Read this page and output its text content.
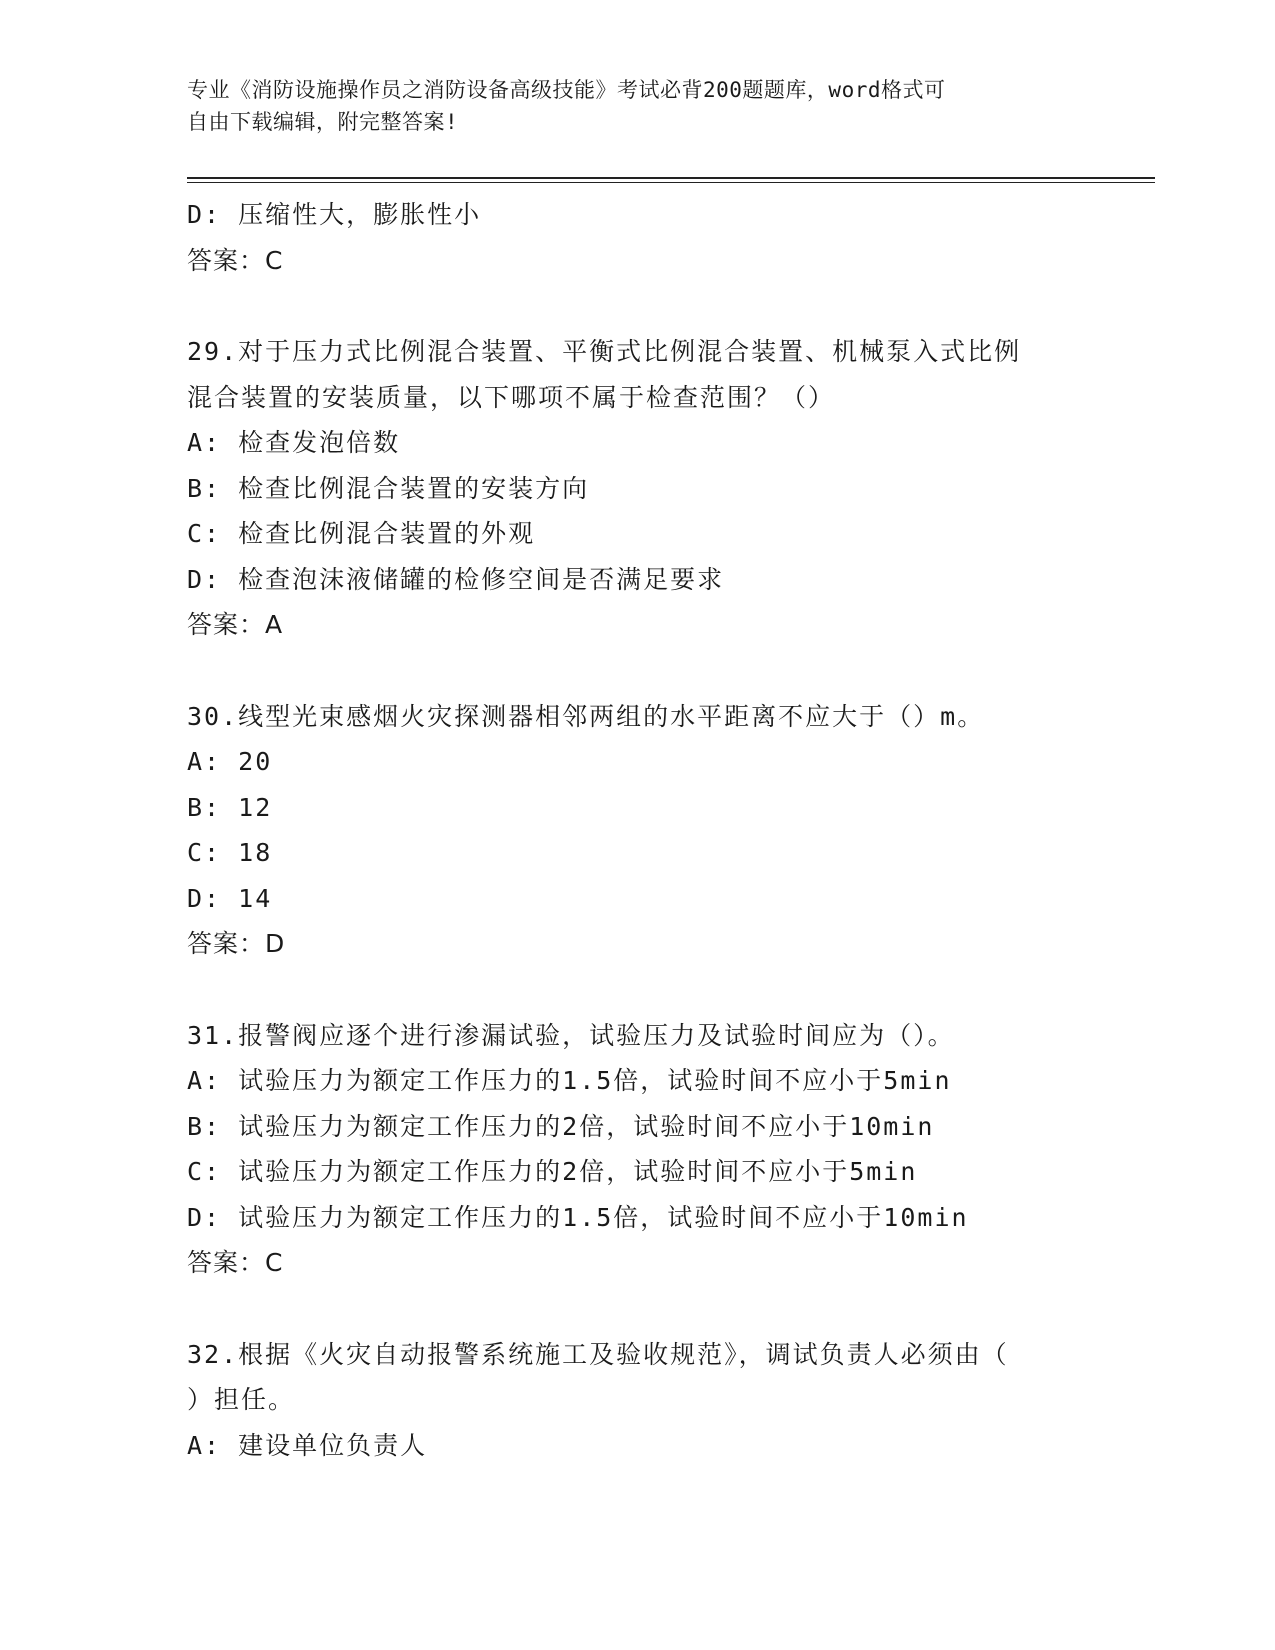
专业《消防设施操作员之消防设备高级技能》考试必背200题题库，word格式可
自由下载编辑，附完整答案!
D: 压缩性大，膨胀性小
答案：C
29.对于压力式比例混合装置、平衡式比例混合装置、机械泵入式比例
混合装置的安装质量，以下哪项不属于检查范围？（）
A: 检查发泡倍数
B: 检查比例混合装置的安装方向
C: 检查比例混合装置的外观
D: 检查泡沫液储罐的检修空间是否满足要求
答案：A
30.线型光束感烟火灾探测器相邻两组的水平距离不应大于（）m。
A: 20
B: 12
C: 18
D: 14
答案：D
31.报警阀应逐个进行渗漏试验，试验压力及试验时间应为（）。
A: 试验压力为额定工作压力的1.5倍，试验时间不应小于5min
B: 试验压力为额定工作压力的2倍，试验时间不应小于10min
C: 试验压力为额定工作压力的2倍，试验时间不应小于5min
D: 试验压力为额定工作压力的1.5倍，试验时间不应小于10min
答案：C
32.根据《火灾自动报警系统施工及验收规范》，调试负责人必须由（
）担任。
A: 建设单位负责人
